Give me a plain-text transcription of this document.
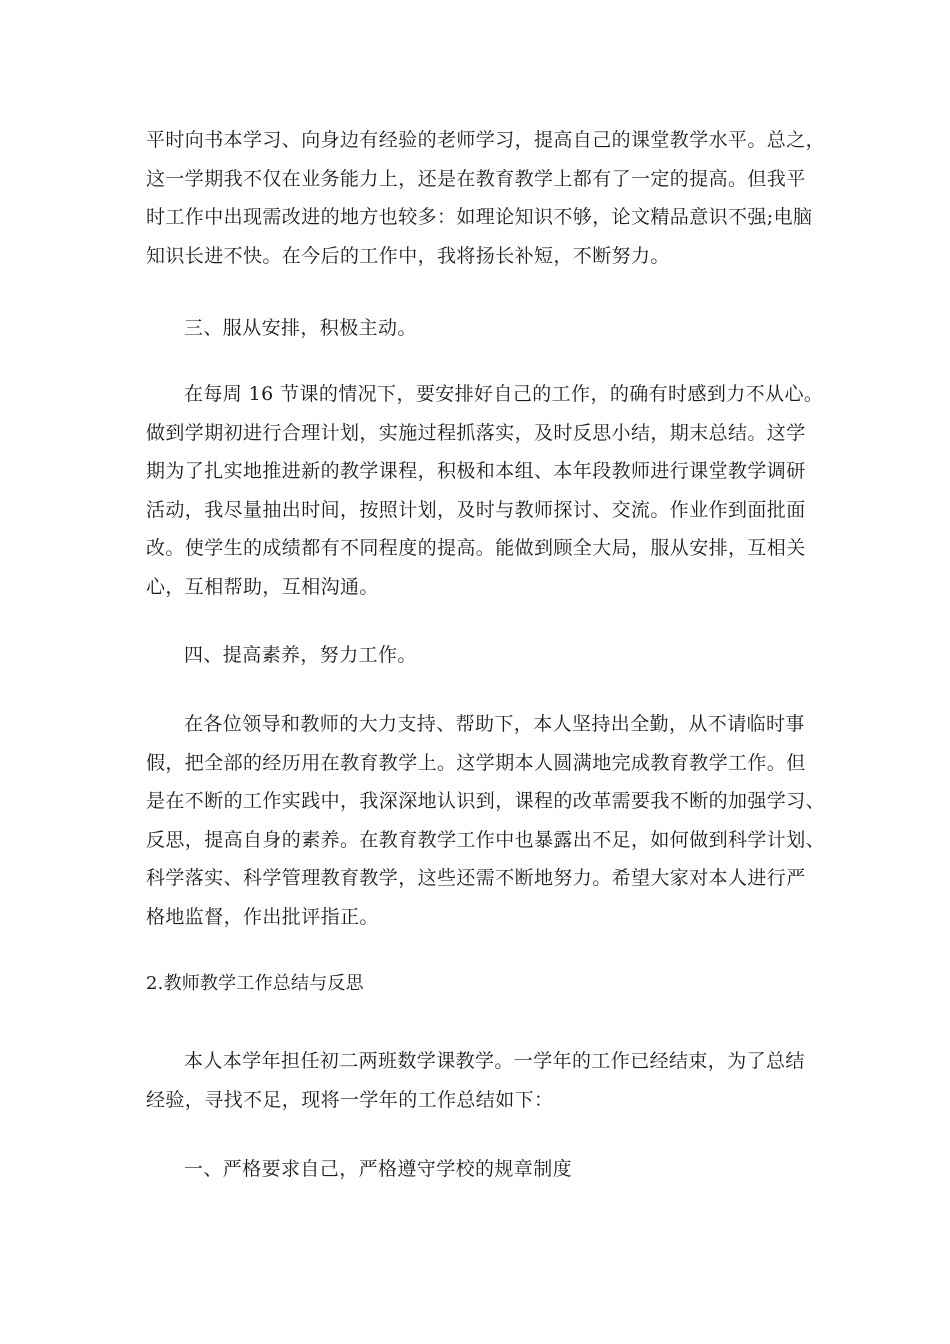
平时向书本学习、向身边有经验的老师学习，提高自己的课堂教学水平。总之，
这一学期我不仅在业务能力上，还是在教育教学上都有了一定的提高。但我平
时工作中出现需改进的地方也较多：如理论知识不够，论文精品意识不强;电脑
知识长进不快。在今后的工作中，我将扬长补短，不断努力。
三、服从安排，积极主动。
在每周 16 节课的情况下，要安排好自己的工作，的确有时感到力不从心。
做到学期初进行合理计划，实施过程抓落实，及时反思小结，期末总结。这学
期为了扎实地推进新的教学课程，积极和本组、本年段教师进行课堂教学调研
活动，我尽量抽出时间，按照计划，及时与教师探讨、交流。作业作到面批面
改。使学生的成绩都有不同程度的提高。能做到顾全大局，服从安排，互相关
心，互相帮助，互相沟通。
四、提高素养，努力工作。
在各位领导和教师的大力支持、帮助下，本人坚持出全勤，从不请临时事
假，把全部的经历用在教育教学上。这学期本人圆满地完成教育教学工作。但
是在不断的工作实践中，我深深地认识到，课程的改革需要我不断的加强学习、
反思，提高自身的素养。在教育教学工作中也暴露出不足，如何做到科学计划、
科学落实、科学管理教育教学，这些还需不断地努力。希望大家对本人进行严
格地监督，作出批评指正。
2.教师教学工作总结与反思
本人本学年担任初二两班数学课教学。一学年的工作已经结束，为了总结
经验，寻找不足，现将一学年的工作总结如下：
一、严格要求自己，严格遵守学校的规章制度
